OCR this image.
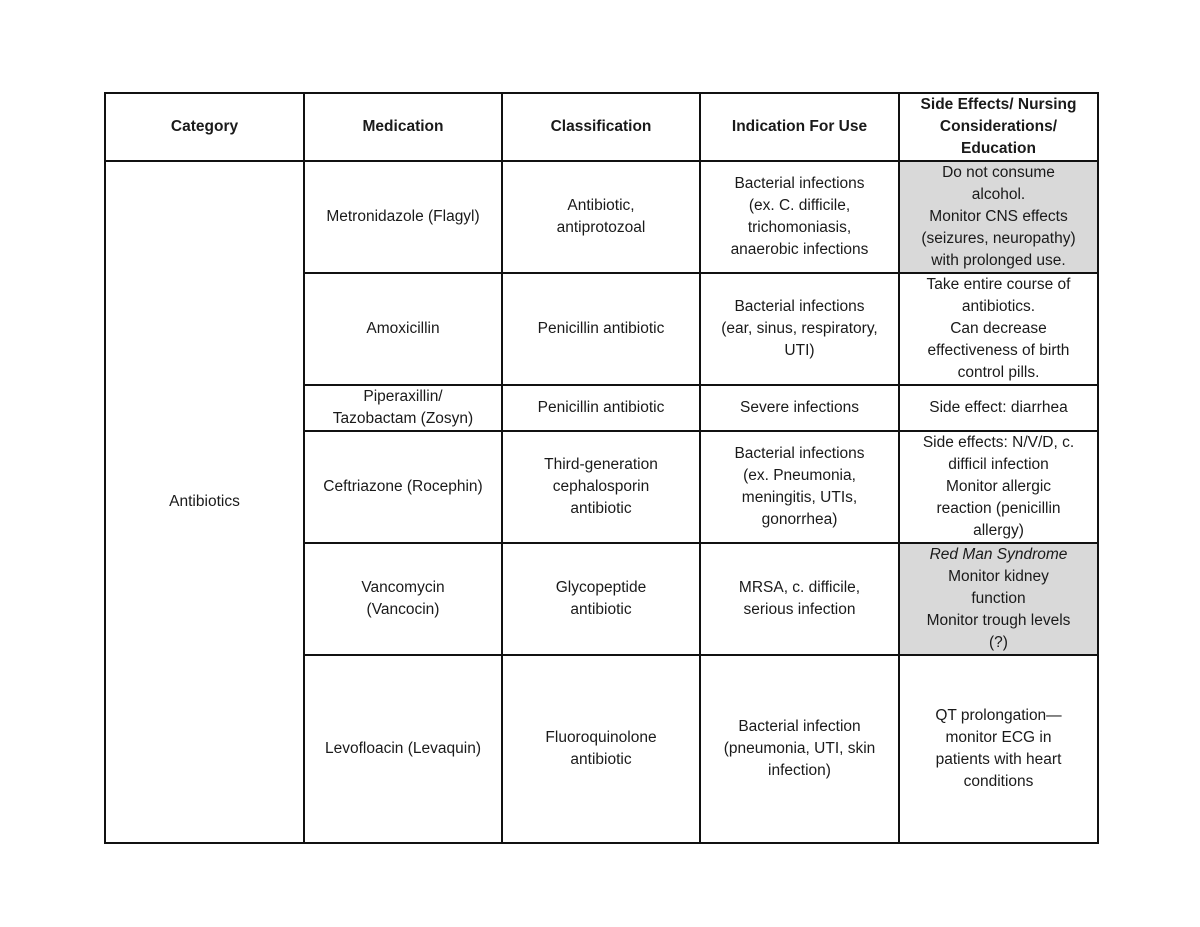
Category	Medication	Classification	Indication For Use	Side Effects/ Nursing
Considerations/
Education

Antibiotics	Metronidazole (Flagyl)	Antibiotic,
antiprotozoal	Bacterial infections
(ex. C. difficile,
trichomoniasis,
anaerobic infections	Do not consume
alcohol.
Monitor CNS effects
(seizures, neuropathy)
with prolonged use.

	Amoxicillin	Penicillin antibiotic	Bacterial infections
(ear, sinus, respiratory,
UTI)	Take entire course of
antibiotics.
Can decrease
effectiveness of birth
control pills.

	Piperaxillin/
Tazobactam (Zosyn)	Penicillin antibiotic	Severe infections	Side effect: diarrhea

	Ceftriazone (Rocephin)	Third-generation
cephalosporin
antibiotic	Bacterial infections
(ex. Pneumonia,
meningitis, UTIs,
gonorrhea)	Side effects: N/V/D, c.
difficil infection
Monitor allergic
reaction (penicillin
allergy)

	Vancomycin
(Vancocin)	Glycopeptide
antibiotic	MRSA, c. difficile,
serious infection	Red Man Syndrome
Monitor kidney
function
Monitor trough levels
(?)

	Levofloacin (Levaquin)	Fluoroquinolone
antibiotic	Bacterial infection
(pneumonia, UTI, skin
infection)	QT prolongation—
monitor ECG in
patients with heart
conditions
